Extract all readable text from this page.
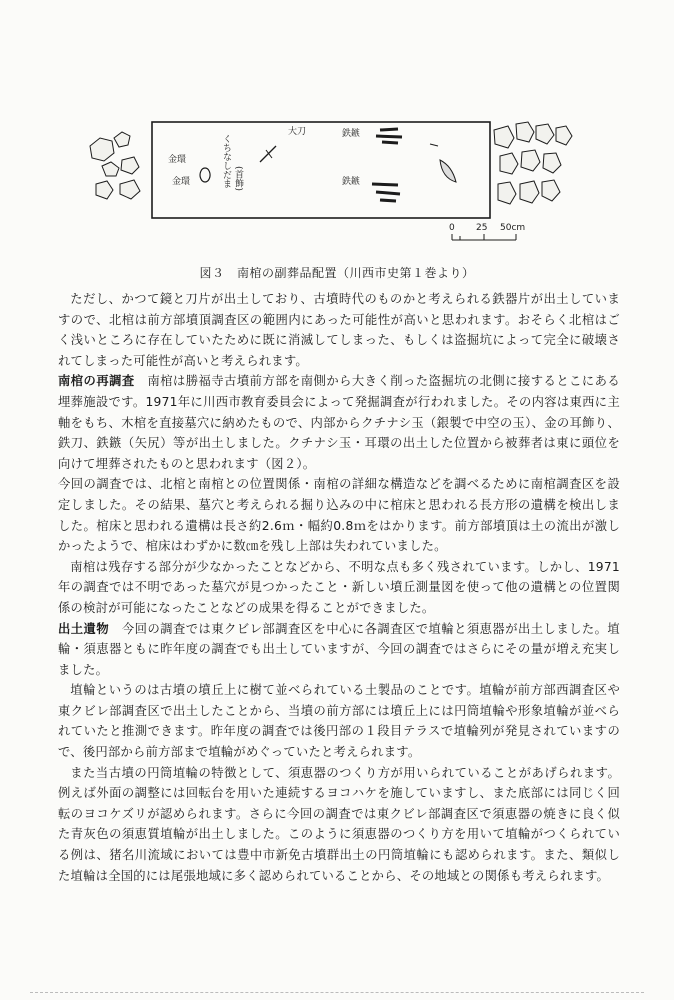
大刀	鉄鏃
鉄鏃
金環
金環	くちなしだま (首飾)
0 25 50cm
図３　南棺の副葬品配置（川西市史第１巻より）

ただし、かつて鏡と刀片が出土しており、古墳時代のものかと考えられる鉄器片が出土していますので、北棺は前方部墳頂調査区の範囲内にあった可能性が高いと思われます。おそらく北棺はごく浅いところに存在していたために既に消滅してしまった、もしくは盗掘坑によって完全に破壊されてしまった可能性が高いと考えられます。

南棺の再調査　南棺は勝福寺古墳前方部を南側から大きく削った盗掘坑の北側に接するとこにある埋葬施設です。1971年に川西市教育委員会によって発掘調査が行われました。その内容は東西に主軸をもち、木棺を直接墓穴に納めたもので、内部からクチナシ玉（銀製で中空の玉）、金の耳飾り、鉄刀、鉄鏃（矢尻）等が出土しました。クチナシ玉・耳環の出土した位置から被葬者は東に頭位を向けて埋葬されたものと思われます（図２）。

今回の調査では、北棺と南棺との位置関係・南棺の詳細な構造などを調べるために南棺調査区を設定しました。その結果、墓穴と考えられる掘り込みの中に棺床と思われる長方形の遺構を検出しました。棺床と思われる遺構は長さ約2.6ｍ・幅約0.8ｍをはかります。前方部墳頂は土の流出が激しかったようで、棺床はわずかに数㎝を残し上部は失われていました。

南棺は残存する部分が少なかったことなどから、不明な点も多く残されています。しかし、1971年の調査では不明であった墓穴が見つかったこと・新しい墳丘測量図を使って他の遺構との位置関係の検討が可能になったことなどの成果を得ることができました。

出土遺物　今回の調査では東クビレ部調査区を中心に各調査区で埴輪と須恵器が出土しました。埴輪・須恵器ともに昨年度の調査でも出土していますが、今回の調査ではさらにその量が増え充実しました。

埴輪というのは古墳の墳丘上に樹て並べられている土製品のことです。埴輪が前方部西調査区や東クビレ部調査区で出土したことから、当墳の前方部には墳丘上には円筒埴輪や形象埴輪が並べられていたと推測できます。昨年度の調査では後円部の１段目テラスで埴輪列が発見されていますので、後円部から前方部まで埴輪がめぐっていたと考えられます。

また当古墳の円筒埴輪の特徴として、須恵器のつくり方が用いられていることがあげられます。例えば外面の調整には回転台を用いた連続するヨコハケを施していますし、また底部には同じく回転のヨコケズリが認められます。さらに今回の調査では東クビレ部調査区で須恵器の焼きに良く似た青灰色の須恵質埴輪が出土しました。このように須恵器のつくり方を用いて埴輪がつくられている例は、猪名川流域においては豊中市新免古墳群出土の円筒埴輪にも認められます。また、類似した埴輪は全国的には尾張地域に多く認められていることから、その地域との関係も考えられます。
